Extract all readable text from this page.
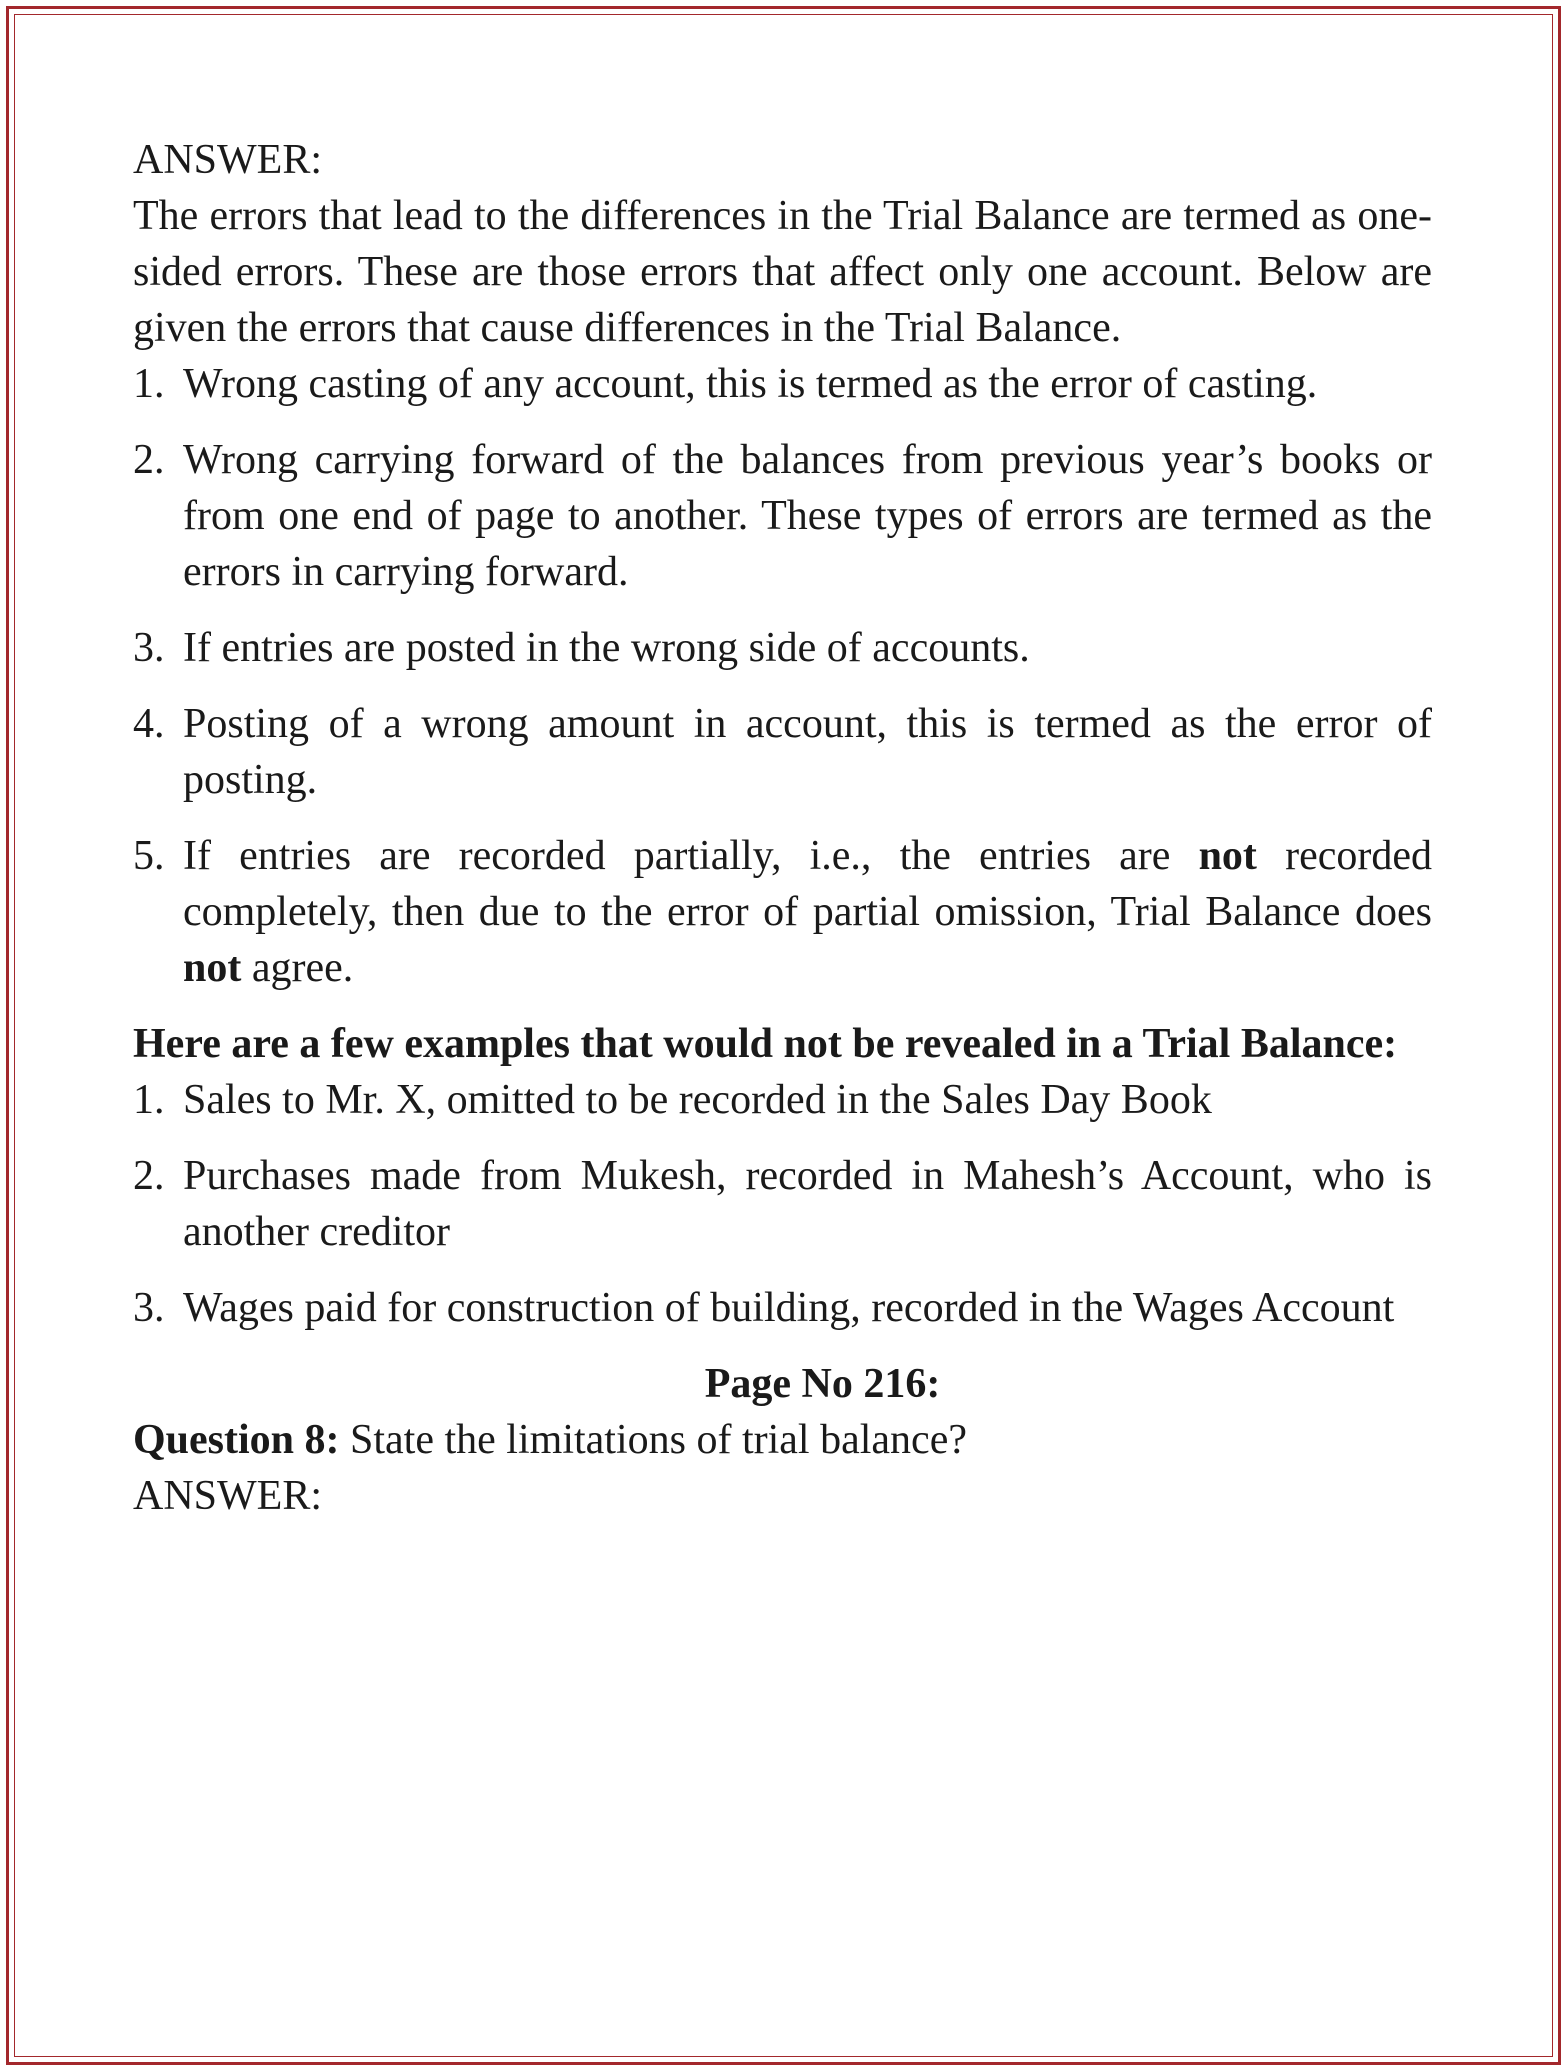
ANSWER:

The errors that lead to the differences in the Trial Balance are termed as one-sided errors. These are those errors that affect only one account. Below are given the errors that cause differences in the Trial Balance.

1. Wrong casting of any account, this is termed as the error of casting.
2. Wrong carrying forward of the balances from previous year’s books or from one end of page to another. These types of errors are termed as the errors in carrying forward.
3. If entries are posted in the wrong side of accounts.
4. Posting of a wrong amount in account, this is termed as the error of posting.
5. If entries are recorded partially, i.e., the entries are not recorded completely, then due to the error of partial omission, Trial Balance does not agree.

Here are a few examples that would not be revealed in a Trial Balance:

1. Sales to Mr. X, omitted to be recorded in the Sales Day Book
2. Purchases made from Mukesh, recorded in Mahesh’s Account, who is another creditor
3. Wages paid for construction of building, recorded in the Wages Account

Page No 216:

Question 8: State the limitations of trial balance?

ANSWER:
